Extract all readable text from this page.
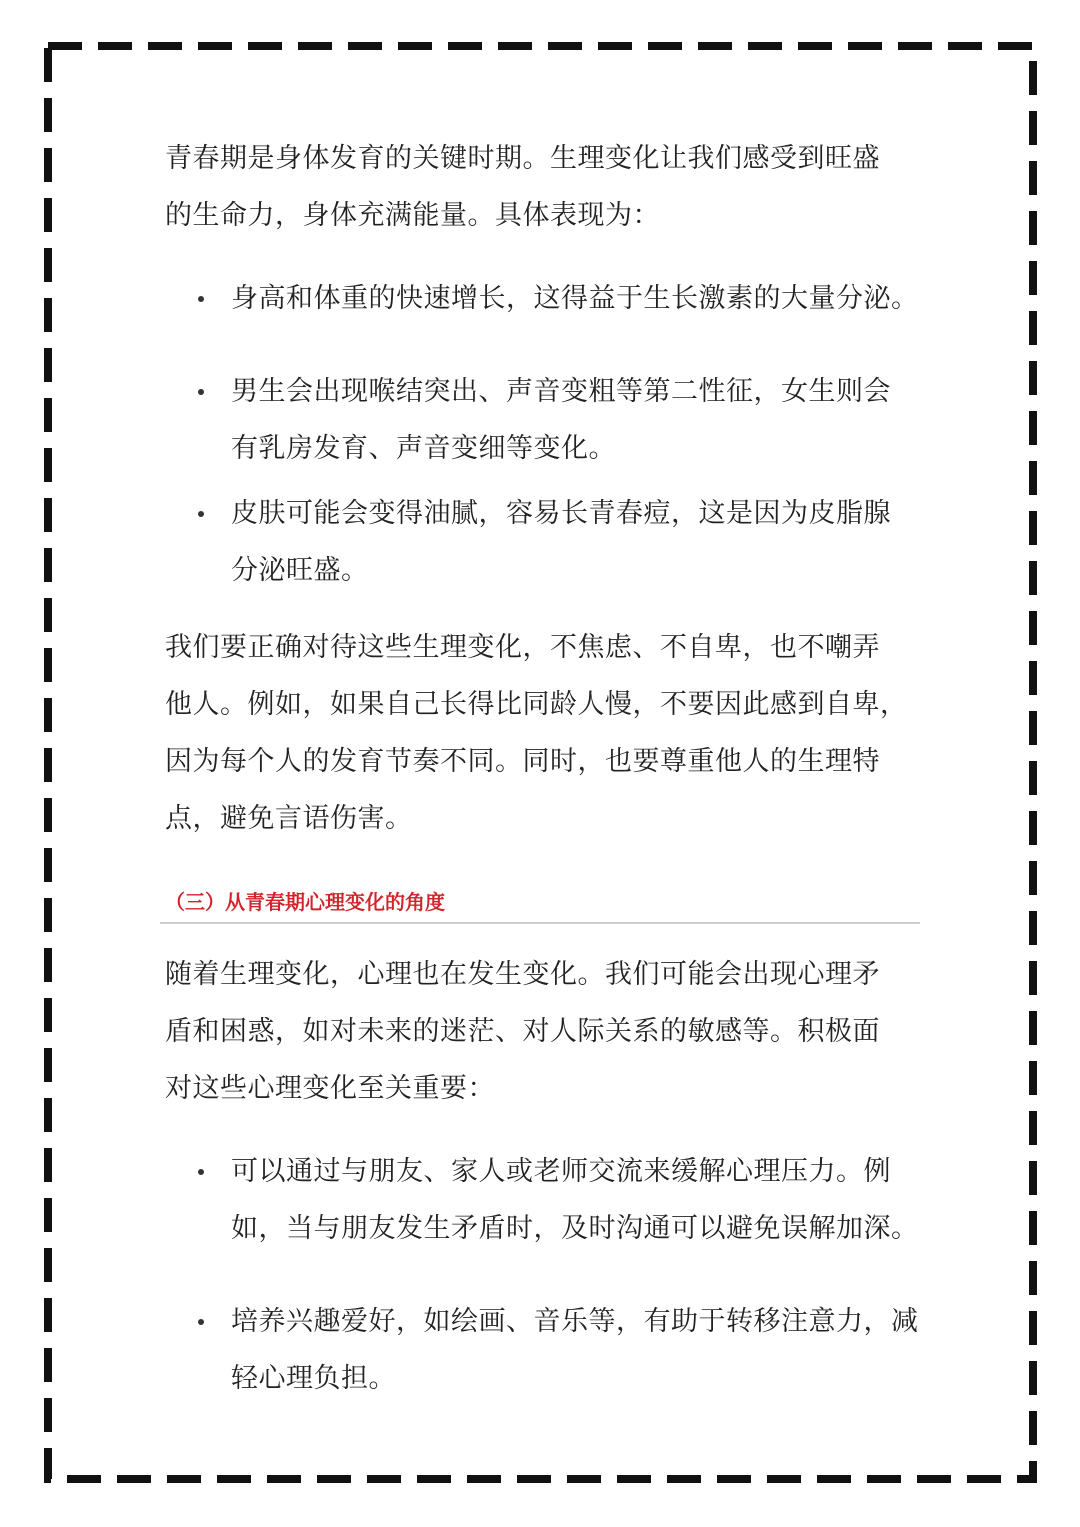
青春期是身体发育的关键时期。生理变化让我们感受到旺盛

的生命力，身体充满能量。具体表现为：

身高和体重的快速增长，这得益于生长激素的大量分泌。
男生会出现喉结突出、声音变粗等第二性征，女生则会
有乳房发育、声音变细等变化。
皮肤可能会变得油腻，容易长青春痘，这是因为皮脂腺
分泌旺盛。

我们要正确对待这些生理变化，不焦虑、不自卑，也不嘲弄

他人。例如，如果自己长得比同龄人慢，不要因此感到自卑，

因为每个人的发育节奏不同。同时，也要尊重他人的生理特

点，避免言语伤害。

（三）从青春期心理变化的角度

随着生理变化，心理也在发生变化。我们可能会出现心理矛

盾和困惑，如对未来的迷茫、对人际关系的敏感等。积极面

对这些心理变化至关重要：

可以通过与朋友、家人或老师交流来缓解心理压力。例
如，当与朋友发生矛盾时，及时沟通可以避免误解加深。
培养兴趣爱好，如绘画、音乐等，有助于转移注意力，减
轻心理负担。
